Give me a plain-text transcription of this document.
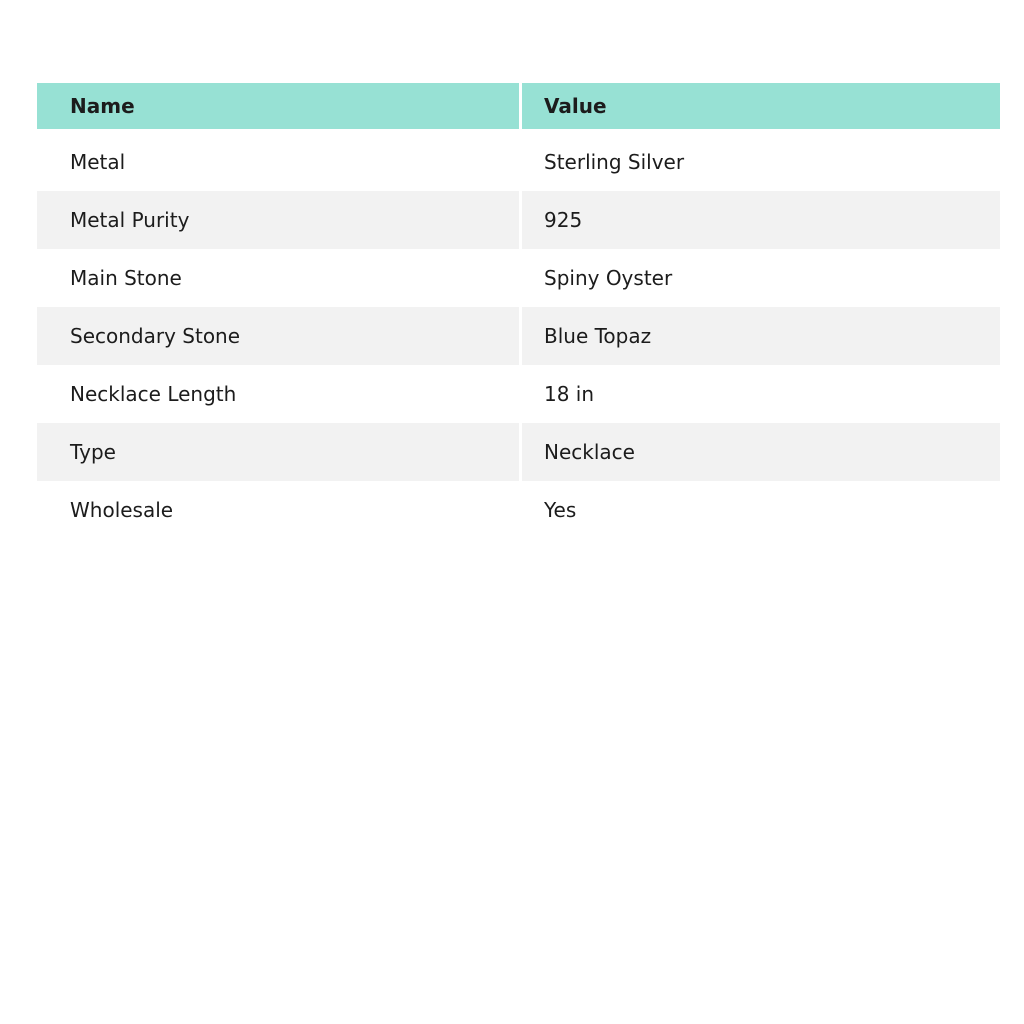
Name	Value
Metal	Sterling Silver
Metal Purity	925
Main Stone	Spiny Oyster
Secondary Stone	Blue Topaz
Necklace Length	18 in
Type	Necklace
Wholesale	Yes
